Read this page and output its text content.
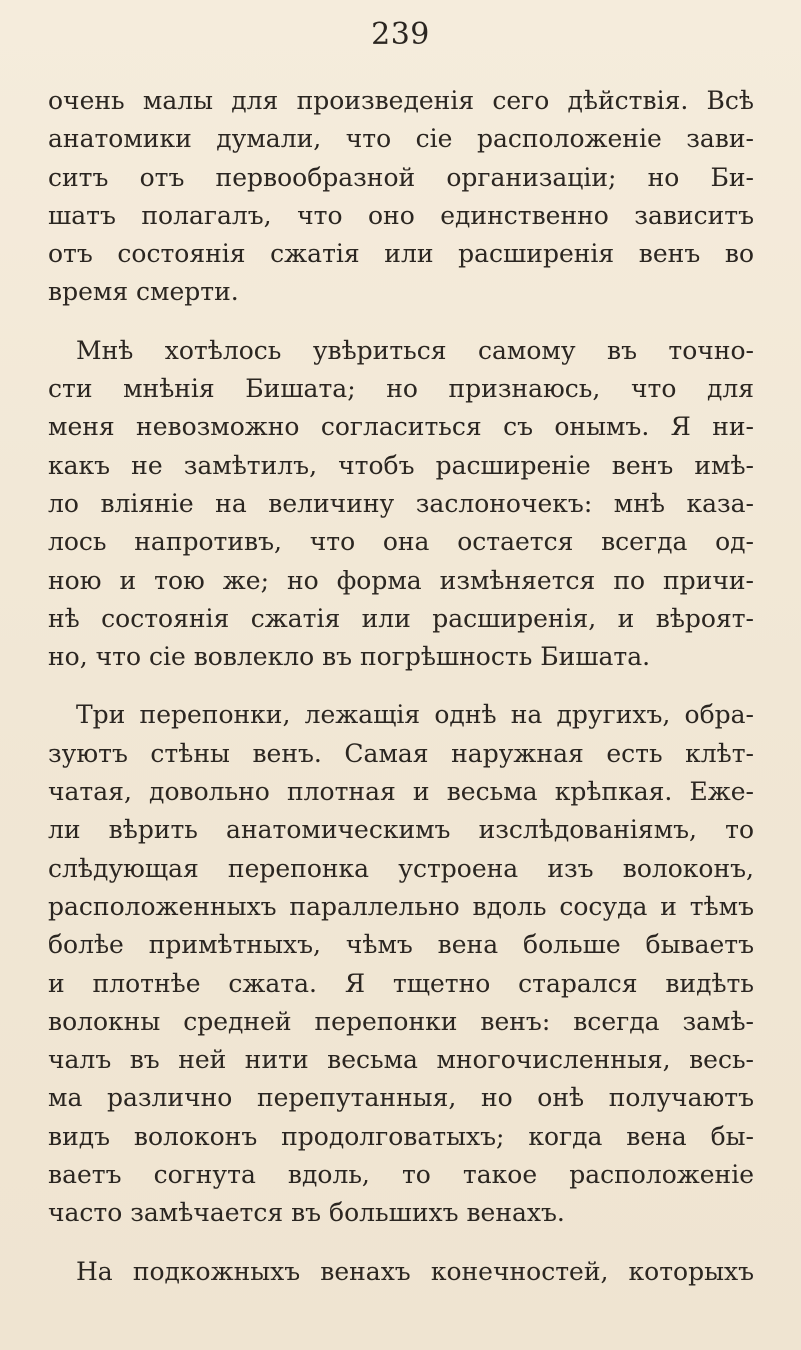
239
очень малы для произведенія сего дѣйствія. Всѣ
анатомики думали, что сіе расположеніе зави-
ситъ отъ первообразной организаціи; но Би-
шатъ полагалъ, что оно единственно зависитъ
отъ состоянія сжатія или расширенія венъ во
время смерти.
Мнѣ хотѣлось увѣриться самому въ точно-
сти мнѣнія Бишата; но признаюсь, что для
меня невозможно согласиться съ онымъ. Я ни-
какъ не замѣтилъ, чтобъ расширеніе венъ имѣ-
ло вліяніе на величину заслоночекъ: мнѣ каза-
лось напротивъ, что она остается всегда од-
ною и тою же; но форма измѣняется по причи-
нѣ состоянія сжатія или расширенія, и вѣроят-
но, что сіе вовлекло въ погрѣшность Бишата.
Три перепонки, лежащія однѣ на другихъ, обра-
зуютъ стѣны венъ. Самая наружная есть клѣт-
чатая, довольно плотная и весьма крѣпкая. Еже-
ли вѣрить анатомическимъ изслѣдованіямъ, то
слѣдующая перепонка устроена изъ волоконъ,
расположенныхъ параллельно вдоль сосуда и тѣмъ
болѣе примѣтныхъ, чѣмъ вена больше бываетъ
и плотнѣе сжата. Я тщетно старался видѣть
волокны средней перепонки венъ: всегда замѣ-
чалъ въ ней нити весьма многочисленныя, весь-
ма различно перепутанныя, но онѣ получаютъ
видъ волоконъ продолговатыхъ; когда вена бы-
ваетъ согнута вдоль, то такое расположеніе
часто замѣчается въ большихъ венахъ.
На подкожныхъ венахъ конечностей, которыхъ
